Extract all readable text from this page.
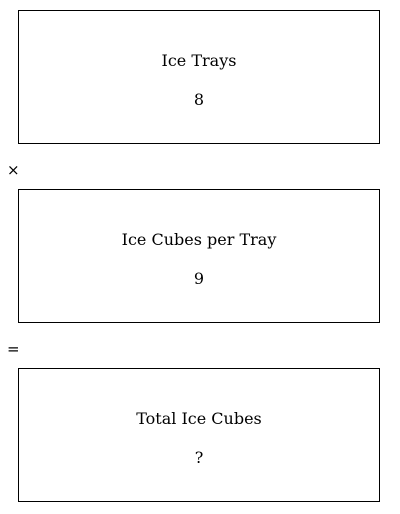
Ice Trays
8
×
Ice Cubes per Tray
9
=
Total Ice Cubes
?
